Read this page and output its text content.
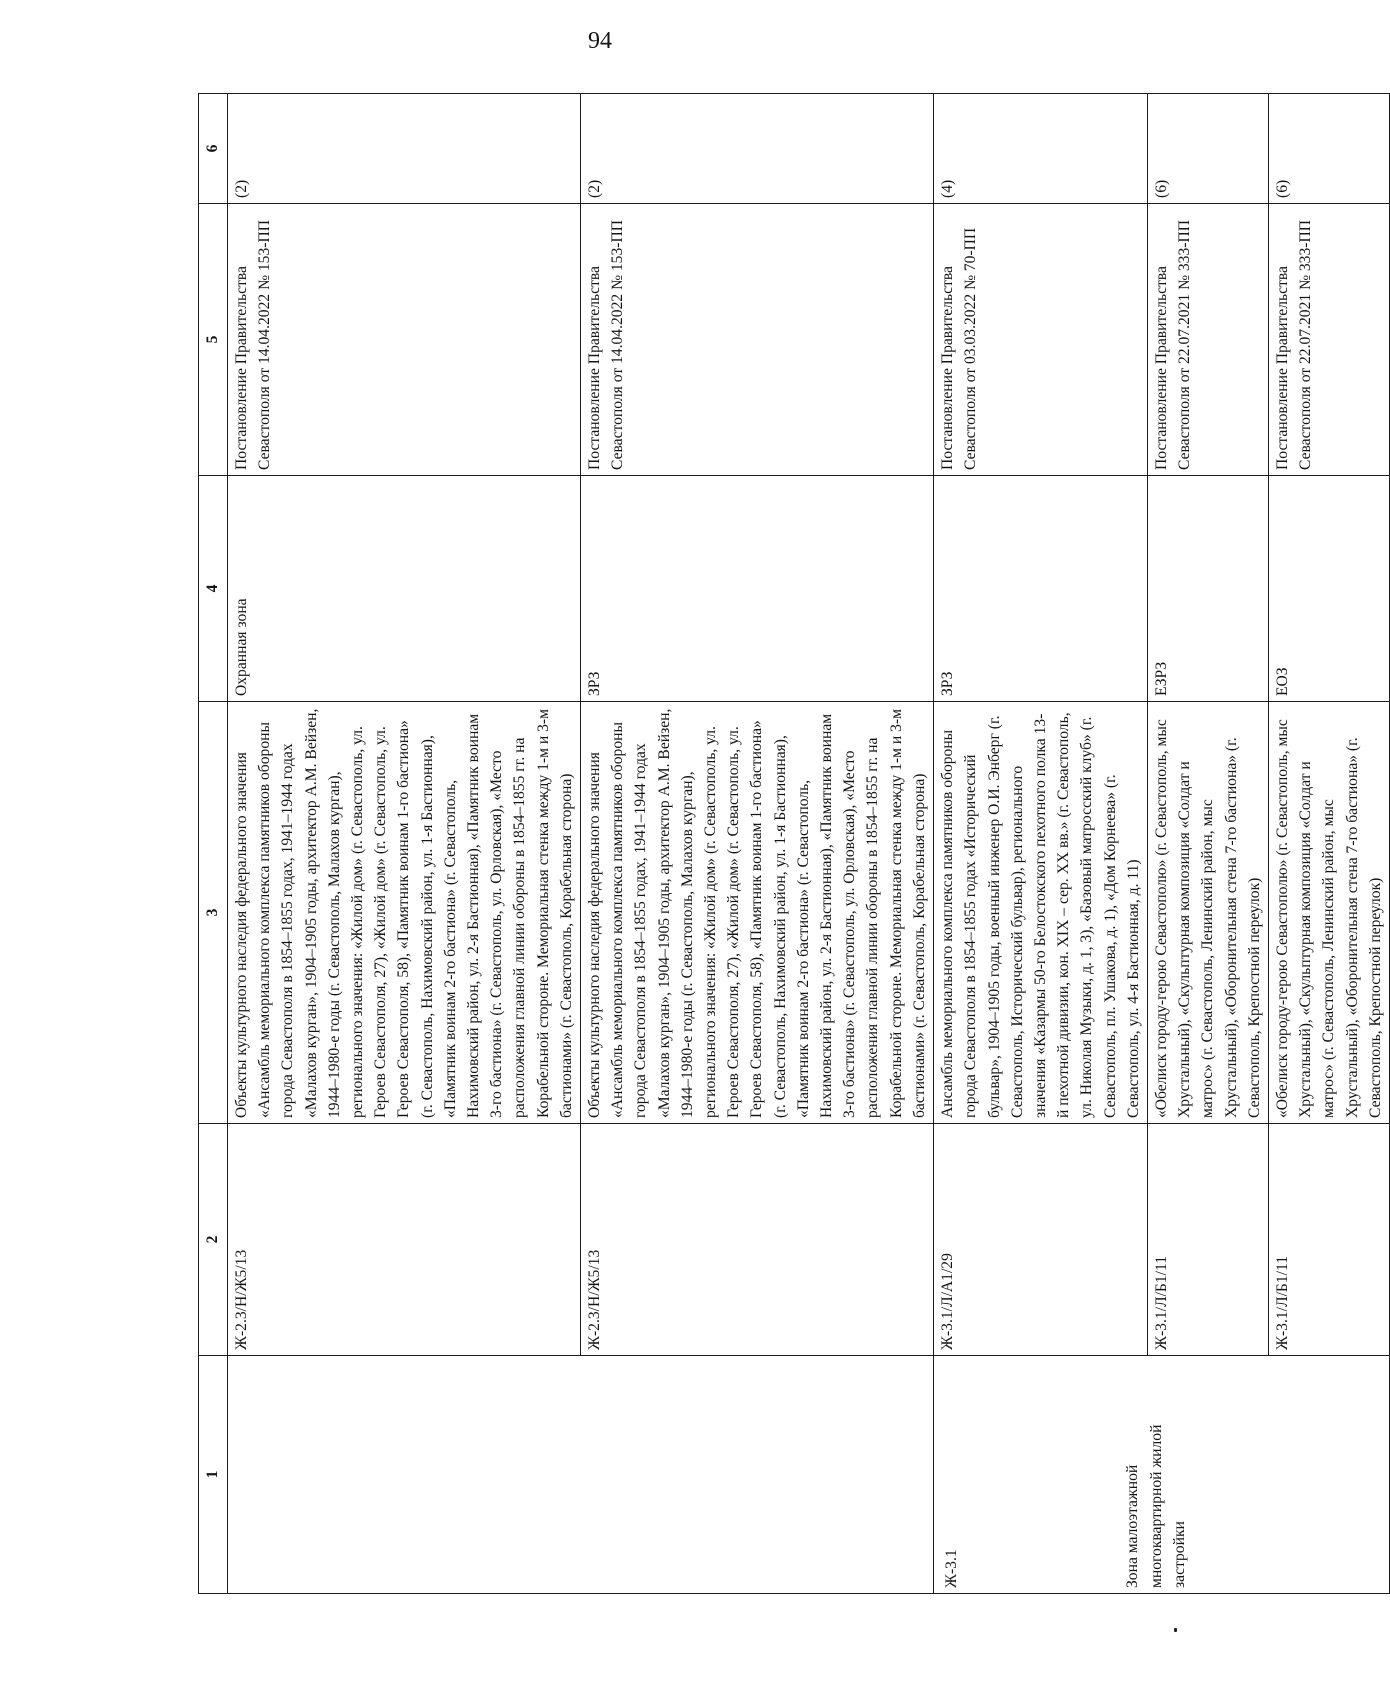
94
1	2	3	4	5	6

	Ж-2.3/Н/Ж5/13	Объекты культурного наследия федерального значения «Ансамбль мемориального комплекса памятников обороны города Севастополя в 1854–1855 годах, 1941–1944 годах «Малахов курган», 1904–1905 годы, архитектор А.М. Вейзен, 1944–1980-е годы (г. Севастополь, Малахов курган), регионального значения: «Жилой дом» (г. Севастополь, ул. Героев Севастополя, 27), «Жилой дом» (г. Севастополь, ул. Героев Севастополя, 58), «Памятник воинам 1-го бастиона» (г. Севастополь, Нахимовский район, ул. 1-я Бастионная), «Памятник воинам 2-го бастиона» (г. Севастополь, Нахимовский район, ул. 2-я Бастионная), «Памятник воинам 3-го бастиона» (г. Севастополь, ул. Орловская), «Место расположения главной линии обороны в 1854–1855 гг. на Корабельной стороне. Мемориальная стенка между 1-м и 3-м бастионами» (г. Севастополь, Корабельная сторона)	Охранная зона	Постановление Правительства Севастополя от 14.04.2022 № 153-ПП	(2)
	Ж-2.3/Н/Ж5/13	Объекты культурного наследия федерального значения «Ансамбль мемориального комплекса памятников обороны города Севастополя в 1854–1855 годах, 1941–1944 годах «Малахов курган», 1904–1905 годы, архитектор А.М. Вейзен, 1944–1980-е годы (г. Севастополь, Малахов курган), регионального значения: «Жилой дом» (г. Севастополь, ул. Героев Севастополя, 27), «Жилой дом» (г. Севастополь, ул. Героев Севастополя, 58), «Памятник воинам 1-го бастиона» (г. Севастополь, Нахимовский район, ул. 1-я Бастионная), «Памятник воинам 2-го бастиона» (г. Севастополь, Нахимовский район, ул. 2-я Бастионная), «Памятник воинам 3-го бастиона» (г. Севастополь, ул. Орловская), «Место расположения главной линии обороны в 1854–1855 гг. на Корабельной стороне. Мемориальная стенка между 1-м и 3-м бастионами» (г. Севастополь, Корабельная сторона)	ЗРЗ	Постановление Правительства Севастополя от 14.04.2022 № 153-ПП	(2)

Ж-3.1 Зона малоэтажной многоквартирной жилой застройки	Ж-3.1/Л/А1/29	Ансамбль мемориального комплекса памятников обороны города Севастополя в 1854–1855 годах «Исторический бульвар», 1904–1905 годы, военный инженер О.И. Энберг (г. Севастополь, Исторический бульвар), регионального значения «Казармы 50-го Белостокского пехотного полка 13-й пехотной дивизии, кон. XIX – сер. XX вв.» (г. Севастополь, ул. Николая Музыки, д. 1, 3), «Базовый матросский клуб» (г. Севастополь, пл. Ушакова, д. 1), «Дом Корнеева» (г. Севастополь, ул. 4-я Бастионная, д. 11)	ЗРЗ	Постановление Правительства Севастополя от 03.03.2022 № 70-ПП	(4)
	Ж-3.1/Л/Б1/11	«Обелиск городу-герою Севастополю» (г. Севастополь, мыс Хрустальный), «Скульптурная композиция «Солдат и матрос» (г. Севастополь, Ленинский район, мыс Хрустальный), «Оборонительная стена 7-го бастиона» (г. Севастополь, Крепостной переулок)	ЕЗРЗ	Постановление Правительства Севастополя от 22.07.2021 № 333-ПП	(6)
	Ж-3.1/Л/Б1/11	«Обелиск городу-герою Севастополю» (г. Севастополь, мыс Хрустальный), «Скульптурная композиция «Солдат и матрос» (г. Севастополь, Ленинский район, мыс Хрустальный), «Оборонительная стена 7-го бастиона» (г. Севастополь, Крепостной переулок)	ЕОЗ	Постановление Правительства Севастополя от 22.07.2021 № 333-ПП	(6)
